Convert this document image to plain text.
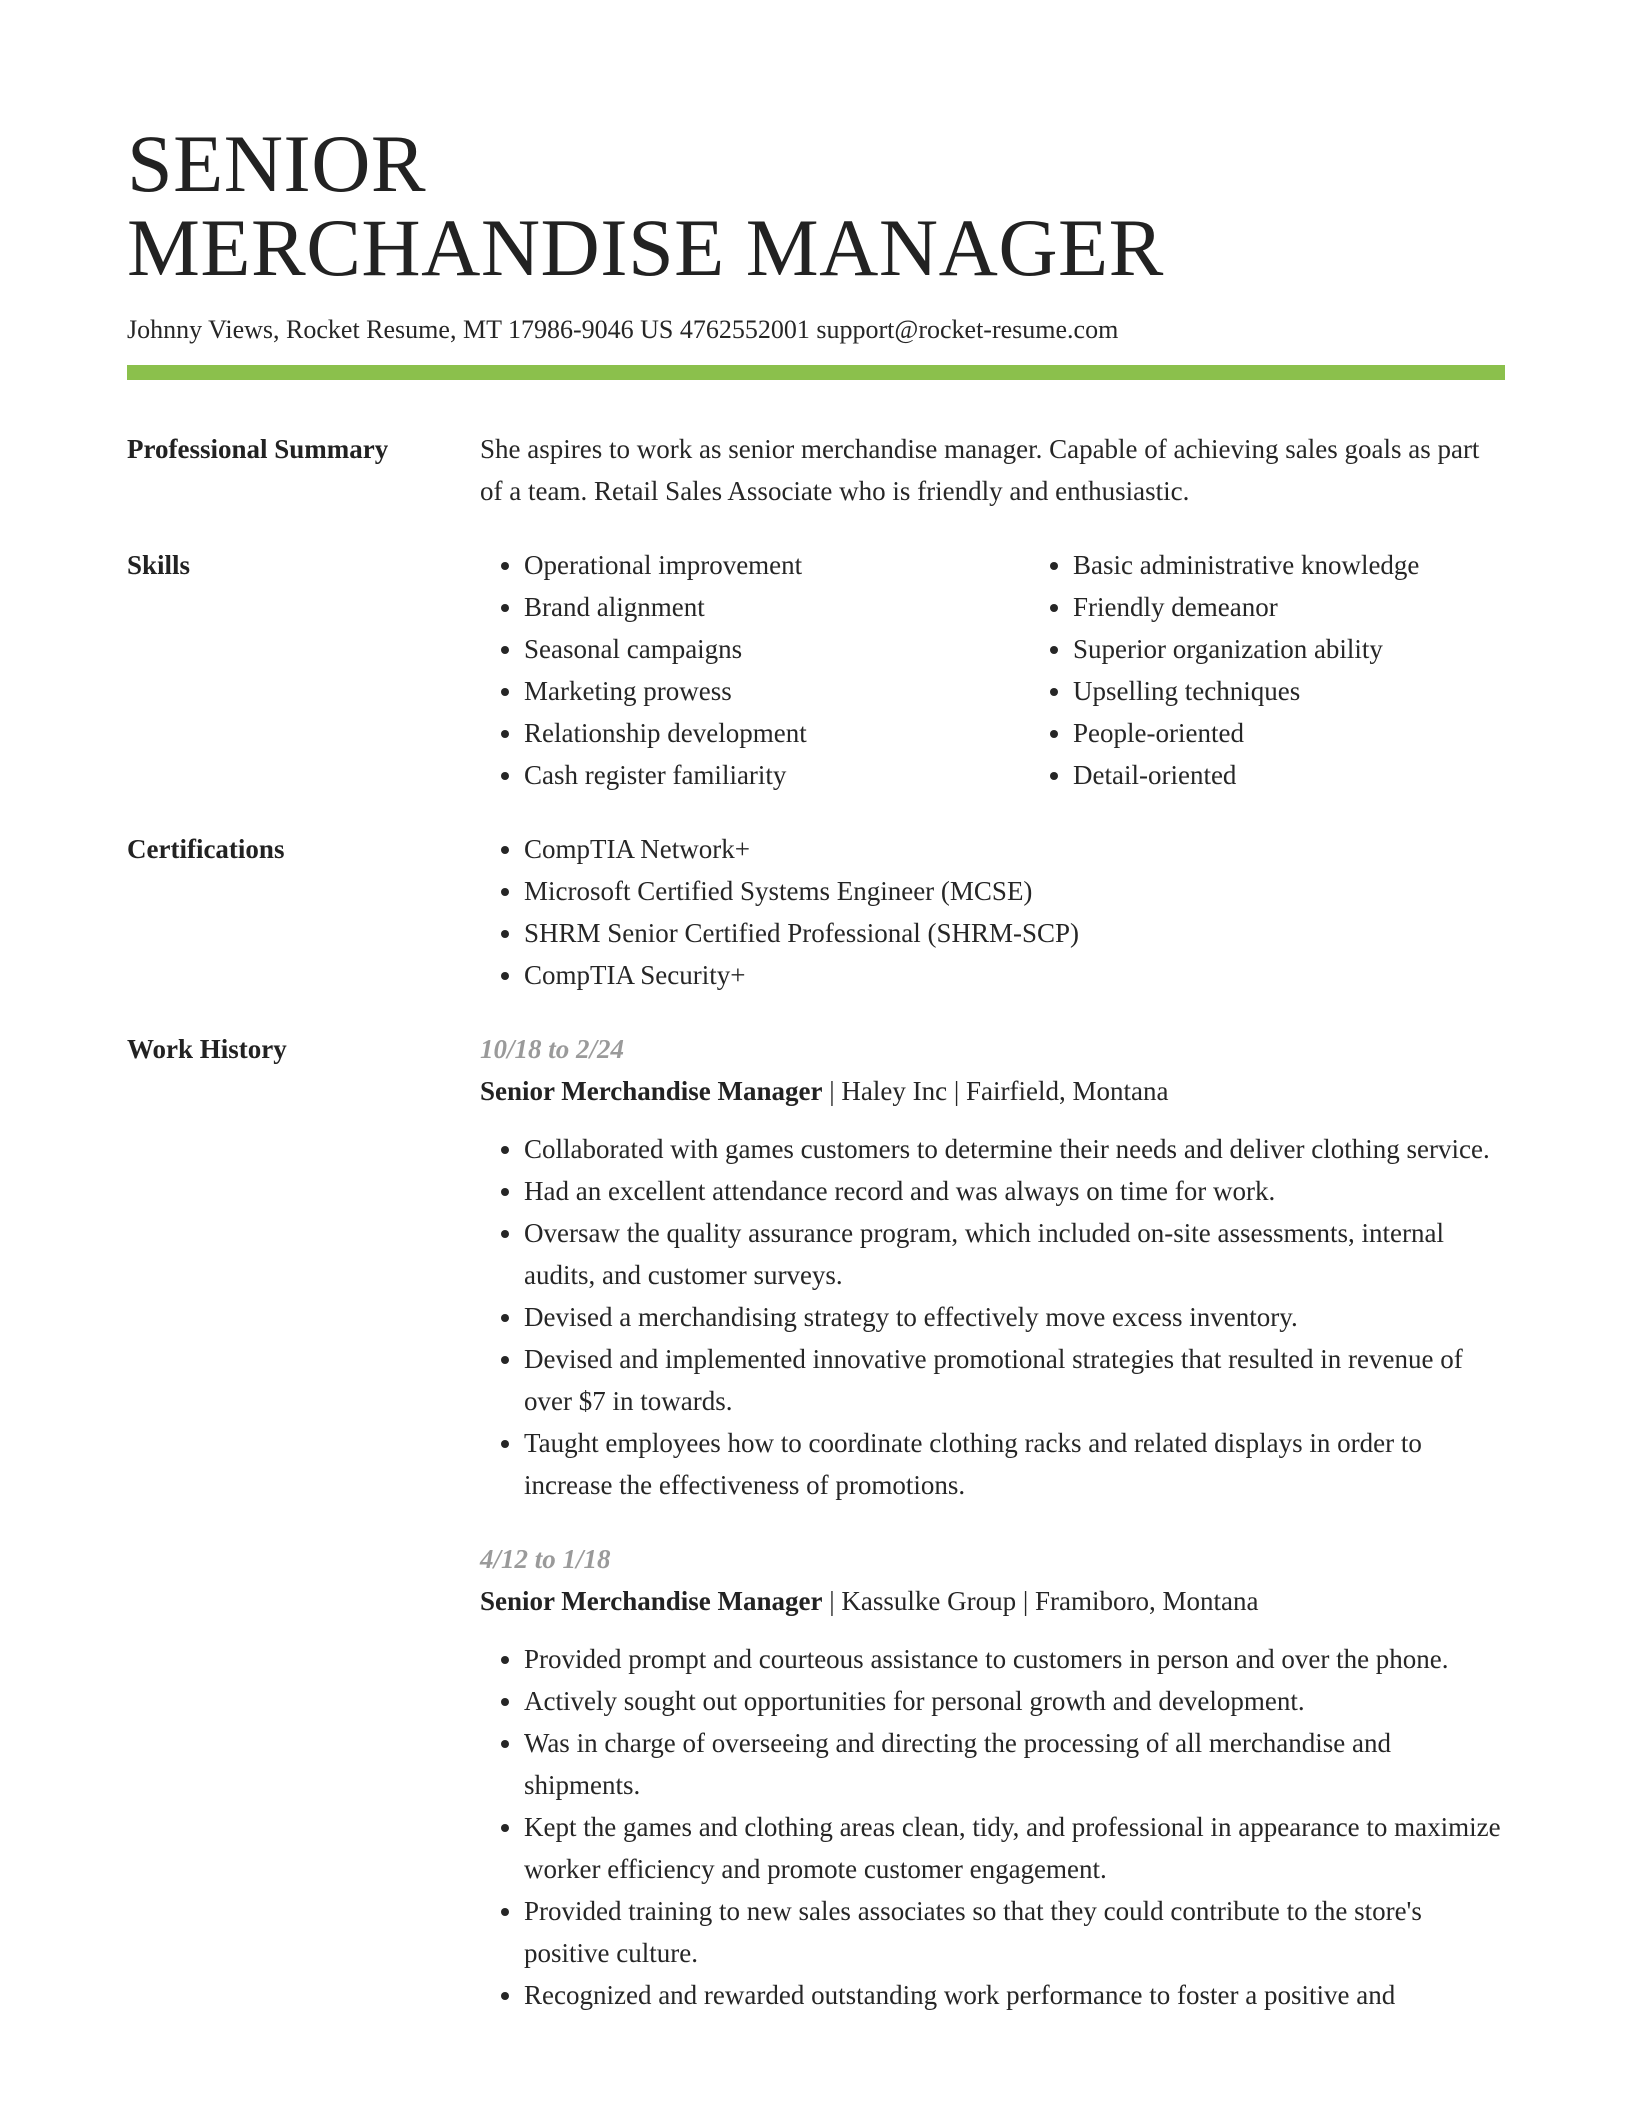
SENIOR
MERCHANDISE MANAGER
Johnny Views, Rocket Resume, MT 17986-9046 US 4762552001 support@rocket-resume.com
Professional Summary	She aspires to work as senior merchandise manager. Capable of achieving sales goals as part of a team. Retail Sales Associate who is friendly and enthusiastic.
Skills	• Operational improvement
• Brand alignment
• Seasonal campaigns
• Marketing prowess
• Relationship development
• Cash register familiarity
• Basic administrative knowledge
• Friendly demeanor
• Superior organization ability
• Upselling techniques
• People-oriented
• Detail-oriented
Certifications	• CompTIA Network+
• Microsoft Certified Systems Engineer (MCSE)
• SHRM Senior Certified Professional (SHRM-SCP)
• CompTIA Security+
Work History	10/18 to 2/24
Senior Merchandise Manager | Haley Inc | Fairfield, Montana
• Collaborated with games customers to determine their needs and deliver clothing service.
• Had an excellent attendance record and was always on time for work.
• Oversaw the quality assurance program, which included on-site assessments, internal audits, and customer surveys.
• Devised a merchandising strategy to effectively move excess inventory.
• Devised and implemented innovative promotional strategies that resulted in revenue of over $7 in towards.
• Taught employees how to coordinate clothing racks and related displays in order to increase the effectiveness of promotions.
4/12 to 1/18
Senior Merchandise Manager | Kassulke Group | Framiboro, Montana
• Provided prompt and courteous assistance to customers in person and over the phone.
• Actively sought out opportunities for personal growth and development.
• Was in charge of overseeing and directing the processing of all merchandise and shipments.
• Kept the games and clothing areas clean, tidy, and professional in appearance to maximize worker efficiency and promote customer engagement.
• Provided training to new sales associates so that they could contribute to the store's positive culture.
• Recognized and rewarded outstanding work performance to foster a positive and
